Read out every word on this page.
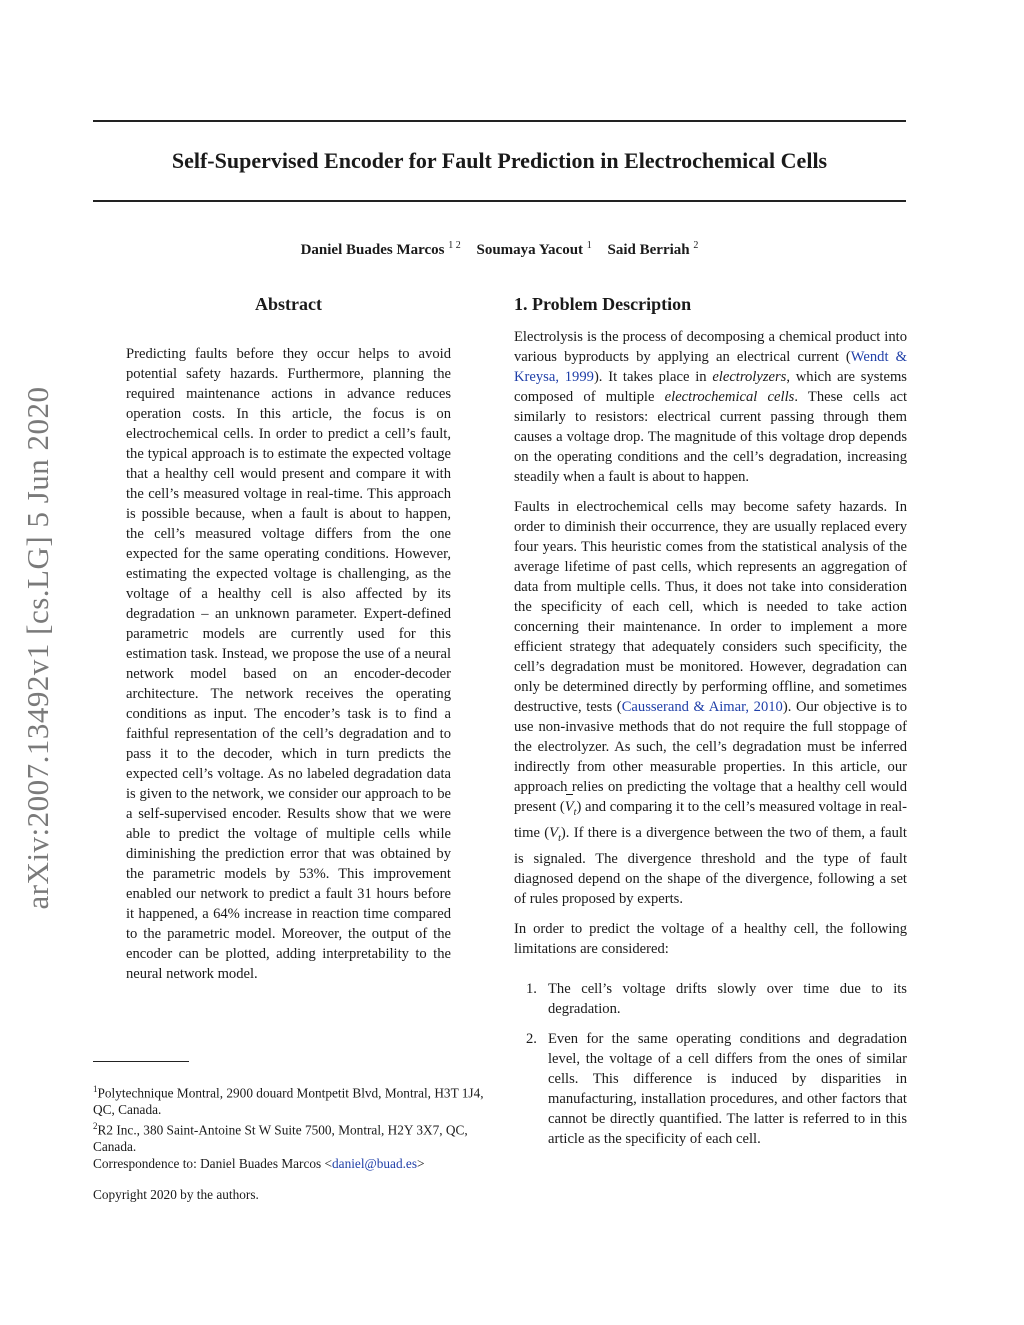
arXiv:2007.13492v1 [cs.LG] 5 Jun 2020
Self-Supervised Encoder for Fault Prediction in Electrochemical Cells
Daniel Buades Marcos $^{1 2}$ Soumaya Yacout $^1$ Said Berriah $^2$
Abstract

Predicting faults before they occur helps to avoid potential safety hazards. Furthermore, planning the required maintenance actions in advance reduces operation costs. In this article, the focus is on electrochemical cells. In order to predict a cell’s fault, the typical approach is to estimate the expected voltage that a healthy cell would present and compare it with the cell’s measured voltage in real-time. This approach is possible because, when a fault is about to happen, the cell’s measured voltage differs from the one expected for the same operating conditions. However, estimating the expected voltage is challenging, as the voltage of a healthy cell is also affected by its degradation – an unknown parameter. Expert-defined parametric models are currently used for this estimation task. Instead, we propose the use of a neural network model based on an encoder-decoder architecture. The network receives the operating conditions as input. The encoder’s task is to find a faithful representation of the cell’s degradation and to pass it to the decoder, which in turn predicts the expected cell’s voltage. As no labeled degradation data is given to the network, we consider our approach to be a self-supervised encoder. Results show that we were able to predict the voltage of multiple cells while diminishing the prediction error that was obtained by the parametric models by 53%. This improvement enabled our network to predict a fault 31 hours before it happened, a 64% increase in reaction time compared to the parametric model. Moreover, the output of the encoder can be plotted, adding interpretability to the neural network model.

$^1$Polytechnique Montral, 2900 douard Montpetit Blvd, Montral, H3T 1J4, QC, Canada.

$^2$R2 Inc., 380 Saint-Antoine St W Suite 7500, Montral, H2Y 3X7, QC, Canada.

Correspondence to: Daniel Buades Marcos <daniel@buad.es>

Copyright 2020 by the authors.

1. Problem Description

Electrolysis is the process of decomposing a chemical product into various byproducts by applying an electrical current (Wendt & Kreysa, 1999). It takes place in electrolyzers, which are systems composed of multiple electrochemical cells. These cells act similarly to resistors: electrical current passing through them causes a voltage drop. The magnitude of this voltage drop depends on the operating conditions and the cell’s degradation, increasing steadily when a fault is about to happen.

Faults in electrochemical cells may become safety hazards. In order to diminish their occurrence, they are usually replaced every four years. This heuristic comes from the statistical analysis of the average lifetime of past cells, which represents an aggregation of data from multiple cells. Thus, it does not take into consideration the specificity of each cell, which is needed to take action concerning their maintenance. In order to implement a more efficient strategy that adequately considers such specificity, the cell’s degradation must be monitored. However, degradation can only be determined directly by performing offline, and sometimes destructive, tests (Causserand & Aimar, 2010). Our objective is to use non-invasive methods that do not require the full stoppage of the electrolyzer. As such, the cell’s degradation must be inferred indirectly from other measurable properties. In this article, our approach relies on predicting the voltage that a healthy cell would present $(V_t)$ and comparing it to the cell’s measured voltage in real-time $(V_t)$. If there is a divergence between the two of them, a fault is signaled. The divergence threshold and the type of fault diagnosed depend on the shape of the divergence, following a set of rules proposed by experts.

In order to predict the voltage of a healthy cell, the following limitations are considered:

1. The cell’s voltage drifts slowly over time due to its degradation.
2. Even for the same operating conditions and degradation level, the voltage of a cell differs from the ones of similar cells. This difference is induced by disparities in manufacturing, installation procedures, and other factors that cannot be directly quantified. The latter is referred to in this article as the specificity of each cell.
